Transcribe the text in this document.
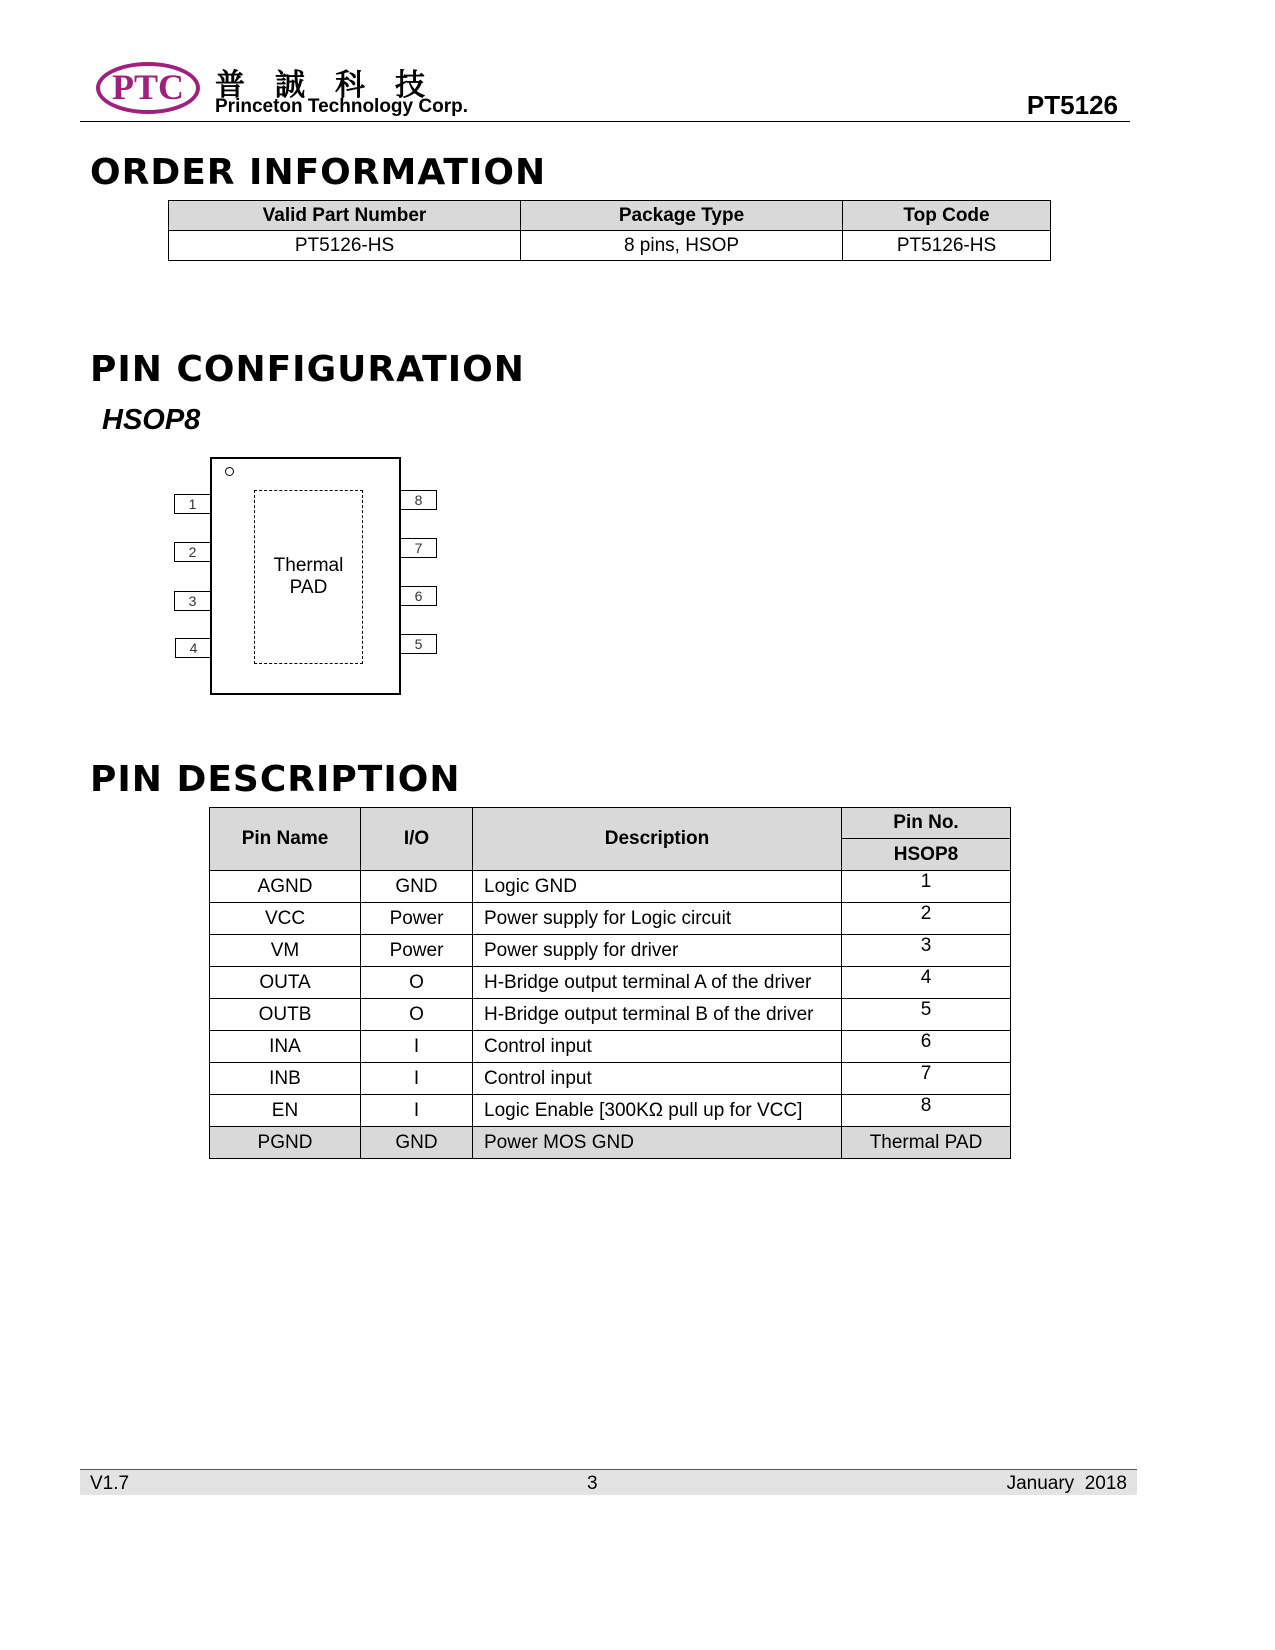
PTC	普誠科技
Princeton Technology Corp.	PT5126
ORDER INFORMATION
Valid Part Number	Package Type	Top Code
PT5126-HS	8 pins, HSOP	PT5126-HS
PIN CONFIGURATION
HSOP8
Thermal
PAD
1
2
3
4
8
7
6
5
PIN DESCRIPTION
Pin Name	I/O	Description	Pin No.
			HSOP8
AGND	GND	Logic GND	1
VCC	Power	Power supply for Logic circuit	2
VM	Power	Power supply for driver	3
OUTA	O	H-Bridge output terminal A of the driver	4
OUTB	O	H-Bridge output terminal B of the driver	5
INA	I	Control input	6
INB	I	Control input	7
EN	I	Logic Enable [300KΩ pull up for VCC]	8
PGND	GND	Power MOS GND	Thermal PAD
V1.7	3	January  2018
